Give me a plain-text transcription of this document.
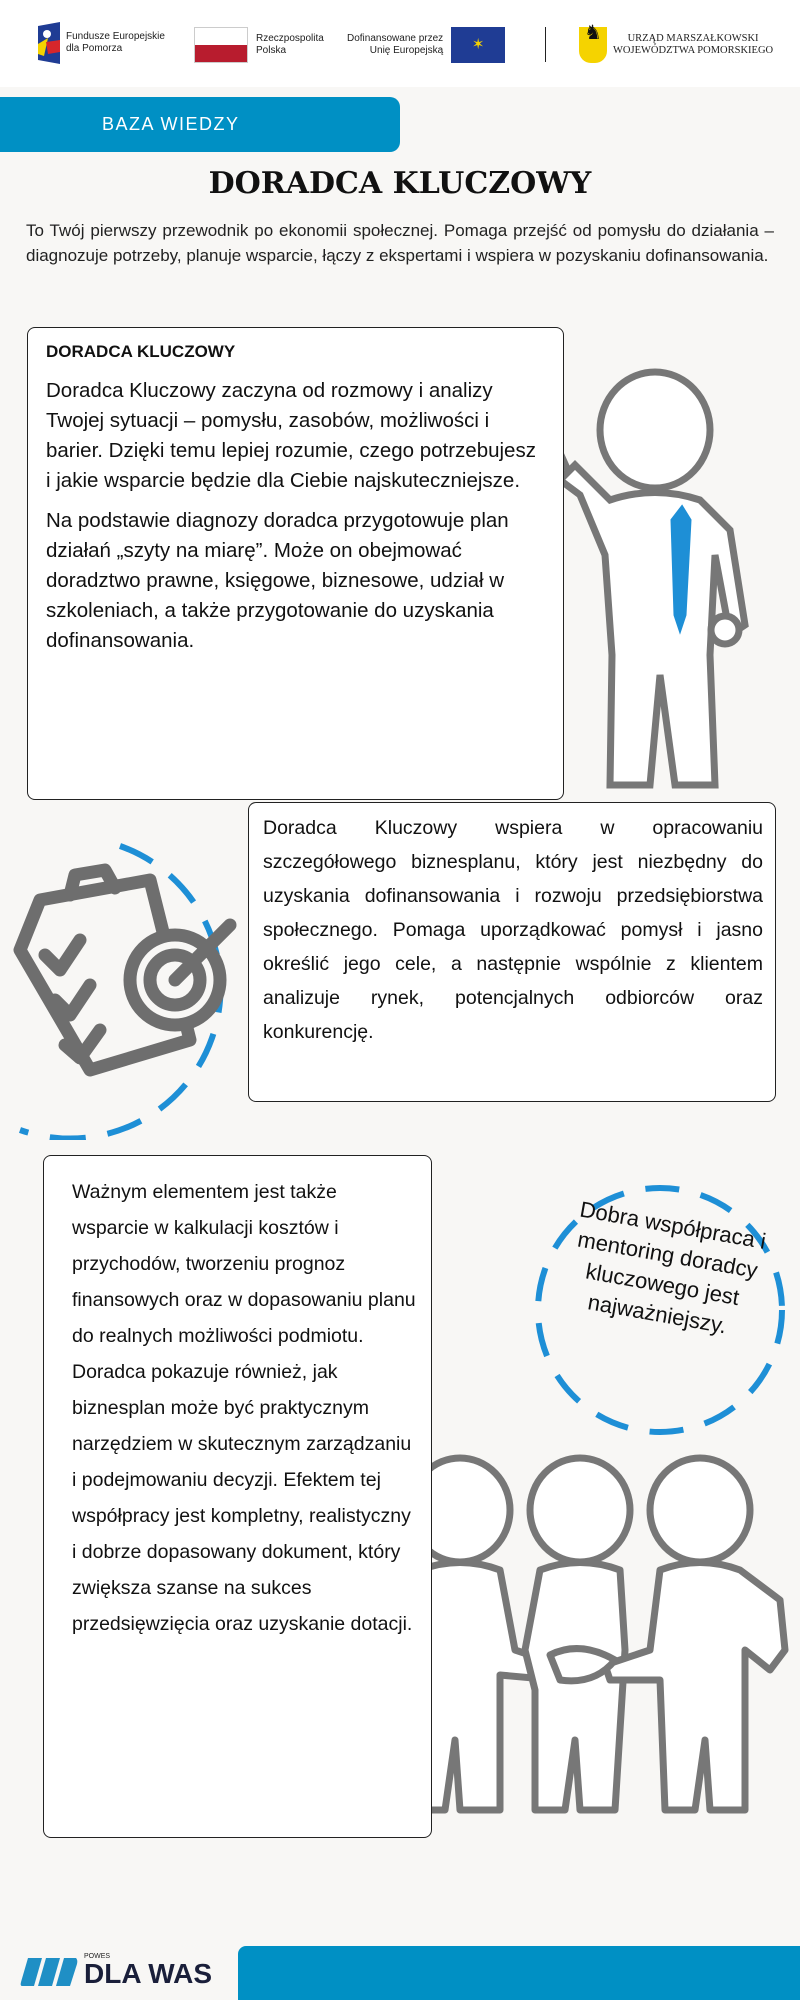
Fundusze Europejskie
dla Pomorza
Rzeczpospolita
Polska
Dofinansowane przez
Unię Europejską	✶
♞	URZĄD MARSZAŁKOWSKI
WOJEWÓDZTWA POMORSKIEGO
BAZA WIEDZY
DORADCA KLUCZOWY
To Twój pierwszy przewodnik po ekonomii społecznej. Pomaga przejść od pomysłu do działania – diagnozuje potrzeby, planuje wsparcie, łączy z ekspertami i wspiera w pozyskaniu dofinansowania.
DORADCA KLUCZOWY

Doradca Kluczowy zaczyna od rozmowy i analizy Twojej sytuacji – pomysłu, zasobów, możliwości i barier. Dzięki temu lepiej rozumie, czego potrzebujesz i jakie wsparcie będzie dla Ciebie najskuteczniejsze.

Na podstawie diagnozy doradca przygotowuje plan działań „szyty na miarę”. Może on obejmować doradztwo prawne, księgowe, biznesowe, udział w szkoleniach, a także przygotowanie do uzyskania dofinansowania.

Doradca Kluczowy wspiera w opracowaniu szczegółowego biznesplanu, który jest niezbędny do uzyskania dofinansowania i rozwoju przedsiębiorstwa społecznego. Pomaga uporządkować pomysł i jasno określić jego cele, a następnie wspólnie z klientem analizuje rynek, potencjalnych odbiorców oraz konkurencję.
Dobra współpraca i mentoring doradcy kluczowego jest najważniejszy.
Ważnym elementem jest także wsparcie w kalkulacji kosztów i przychodów, tworzeniu prognoz finansowych oraz w dopasowaniu planu do realnych możliwości podmiotu. Doradca pokazuje również, jak biznesplan może być praktycznym narzędziem w skutecznym zarządzaniu i podejmowaniu decyzji. Efektem tej współpracy jest kompletny, realistyczny i dobrze dopasowany dokument, który zwiększa szanse na sukces przedsięwzięcia oraz uzyskanie dotacji.
POWES
DLA WAS
